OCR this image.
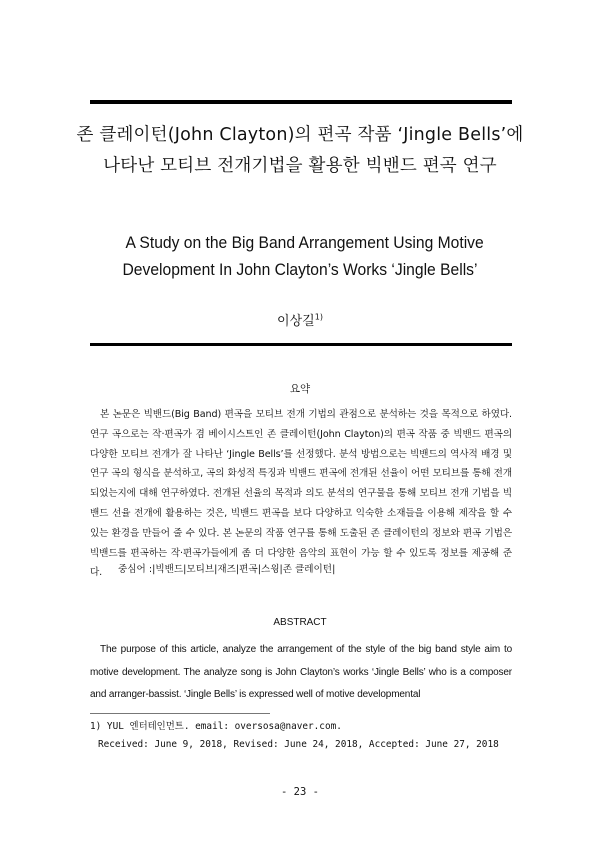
존 클레이턴(John Clayton)의 편곡 작품 ‘Jingle Bells’에
나타난 모티브 전개기법을 활용한 빅밴드 편곡 연구
A Study on the Big Band Arrangement Using Motive
Development In John Clayton’s Works ‘Jingle Bells’
이상길$^{1)}$
요약
본 논문은 빅밴드(Big Band) 편곡을 모티브 전개 기법의 관점으로 분석하는 것을 목적으로 하였다. 연구 곡으로는 작·편곡가 겸 베이시스트인 존 클레이턴(John Clayton)의 편곡 작품 중 빅밴드 편곡의 다양한 모티브 전개가 잘 나타난 ‘Jingle Bells’를 선정했다. 분석 방법으로는 빅밴드의 역사적 배경 및 연구 곡의 형식을 분석하고, 곡의 화성적 특징과 빅밴드 편곡에 전개된 선율이 어떤 모티브를 통해 전개되었는지에 대해 연구하였다. 전개된 선율의 목적과 의도 분석의 연구물을 통해 모티브 전개 기법을 빅밴드 선율 전개에 활용하는 것은, 빅밴드 편곡을 보다 다양하고 익숙한 소재들을 이용해 제작을 할 수 있는 환경을 만들어 줄 수 있다. 본 논문의 작품 연구를 통해 도출된 존 클레이턴의 정보와 편곡 기법은 빅밴드를 편곡하는 작·편곡가들에게 좀 더 다양한 음악의 표현이 가능 할 수 있도록 정보를 제공해 준다.	중심어 :|빅밴드|모티브|재즈|편곡|스윙|존 클레이턴|
ABSTRACT
The purpose of this article, analyze the arrangement of the style of the big band style aim to motive development. The analyze song is John Clayton’s works ‘Jingle Bells’ who is a composer and arranger-bassist. ‘Jingle Bells’ is expressed well of motive developmental
1) YUL 엔터테인먼트. email: oversosa@naver.com.
Received: June 9, 2018, Revised: June 24, 2018, Accepted: June 27, 2018
- 23 -
